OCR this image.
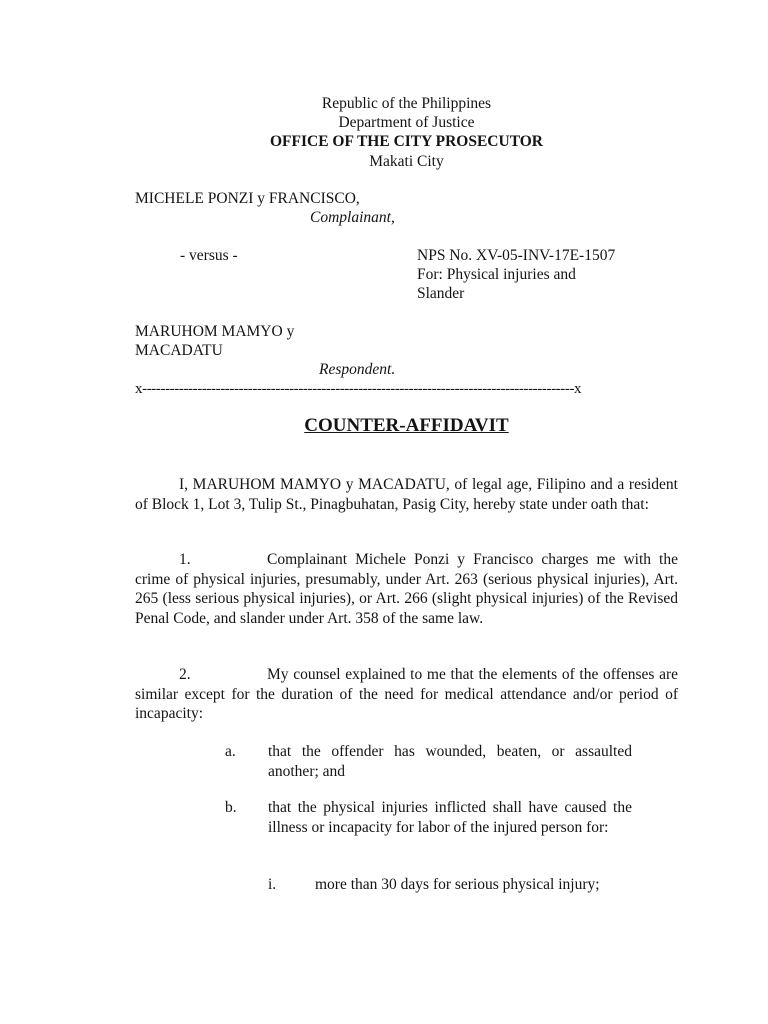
Republic of the Philippines

Department of Justice

OFFICE OF THE CITY PROSECUTOR

Makati City

MICHELE PONZI y FRANCISCO,

Complainant,

- versus -	NPS No. XV-05-INV-17E-1507

For: Physical injuries and

Slander

MARUHOM MAMYO y

MACADATU

Respondent.

x----------------------------------------------------------------------------------------------x

COUNTER-AFFIDAVIT

I, MARUHOM MAMYO y MACADATU, of legal age, Filipino and a resident of Block 1, Lot 3, Tulip St., Pinagbuhatan, Pasig City, hereby state under oath that:

1.	Complainant Michele Ponzi y Francisco charges me with the crime of physical injuries, presumably, under Art. 263 (serious physical injuries), Art. 265 (less serious physical injuries), or Art. 266 (slight physical injuries) of the Revised Penal Code, and slander under Art. 358 of the same law.
2.	My counsel explained to me that the elements of the offenses are similar except for the duration of the need for medical attendance and/or period of incapacity:

a. that the offender has wounded, beaten, or assaulted another; and

b. that the physical injuries inflicted shall have caused the illness or incapacity for labor of the injured person for:

i.	more than 30 days for serious physical injury;
